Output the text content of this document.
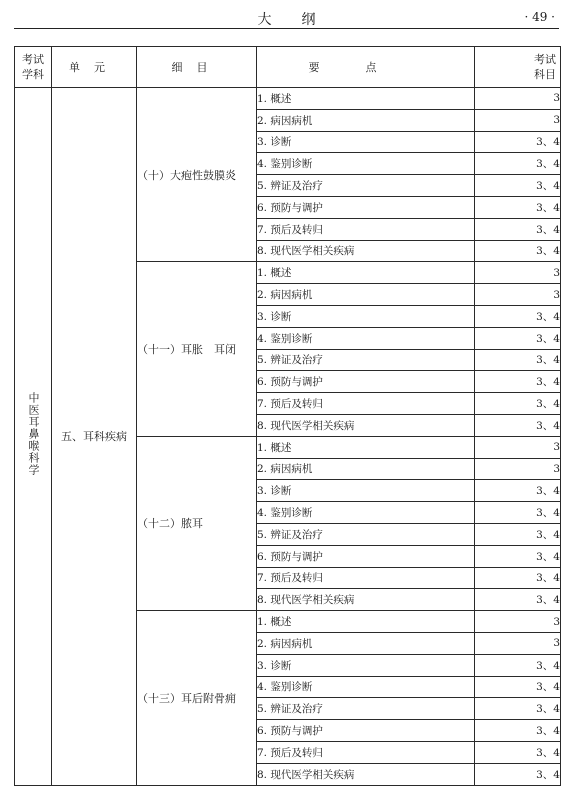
大纲	· 49 ·
考试
学科	单元	细目	要点	考试
科目
中医耳鼻喉科学	五、耳科疾病	（十）大疱性鼓膜炎	1. 概述	3
			2. 病因病机	3
			3. 诊断	3、4
			4. 鉴别诊断	3、4
			5. 辨证及治疗	3、4
			6. 预防与调护	3、4
			7. 预后及转归	3、4
			8. 现代医学相关疾病	3、4
		（十一）耳胀　耳闭	1. 概述	3
			2. 病因病机	3
			3. 诊断	3、4
			4. 鉴别诊断	3、4
			5. 辨证及治疗	3、4
			6. 预防与调护	3、4
			7. 预后及转归	3、4
			8. 现代医学相关疾病	3、4
		（十二）脓耳	1. 概述	3
			2. 病因病机	3
			3. 诊断	3、4
			4. 鉴别诊断	3、4
			5. 辨证及治疗	3、4
			6. 预防与调护	3、4
			7. 预后及转归	3、4
			8. 现代医学相关疾病	3、4
		（十三）耳后附骨痈	1. 概述	3
			2. 病因病机	3
			3. 诊断	3、4
			4. 鉴别诊断	3、4
			5. 辨证及治疗	3、4
			6. 预防与调护	3、4
			7. 预后及转归	3、4
			8. 现代医学相关疾病	3、4
